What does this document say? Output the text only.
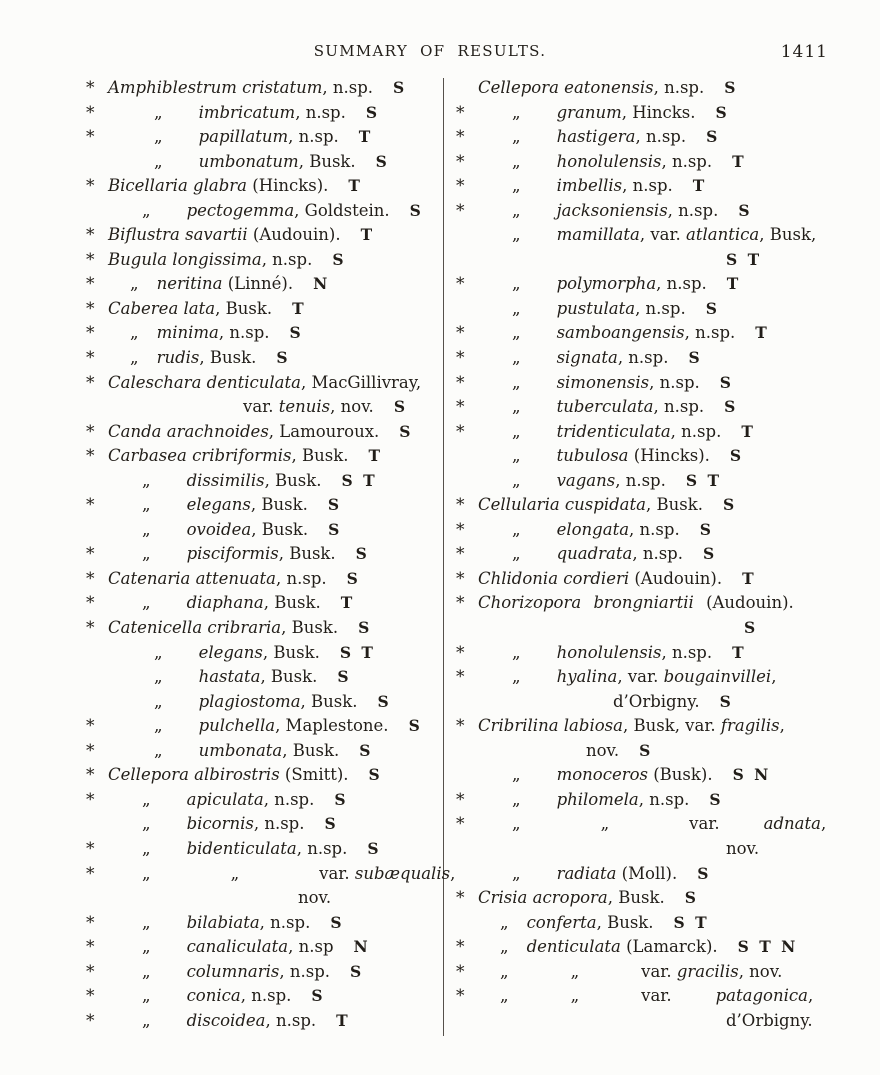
SUMMARY OF RESULTS.	1411
* Amphiblestrum cristatum, n.sp. S
*	„ imbricatum, n.sp. S
*	„ papillatum, n.sp. T
„ umbonatum, Busk. S
* Bicellaria glabra (Hincks). T
„ pectogemma, Goldstein. S
* Biflustra savartii (Audouin). T
* Bugula longissima, n.sp. S
*	„ neritina (Linné). N
* Caberea lata, Busk. T
*	„ minima, n.sp. S
*	„ rudis, Busk. S
* Caleschara denticulata, MacGillivray,
var. tenuis, nov. S
* Canda arachnoides, Lamouroux. S
* Carbasea cribriformis, Busk. T
„ dissimilis, Busk. S T
*	„ elegans, Busk. S
„ ovoidea, Busk. S
*	„ pisciformis, Busk. S
* Catenaria attenuata, n.sp. S
*	„ diaphana, Busk. T
* Catenicella cribraria, Busk. S
„ elegans, Busk. S T
„ hastata, Busk. S
„ plagiostoma, Busk. S
*	„ pulchella, Maplestone. S
*	„ umbonata, Busk. S
* Cellepora albirostris (Smitt). S
*	„ apiculata, n.sp. S
„ bicornis, n.sp. S
*	„ bidenticulata, n.sp. S
*	„	„	var. subæqualis,
nov.
*	„ bilabiata, n.sp. S
*	„ canaliculata, n.sp N
*	„ columnaris, n.sp. S
*	„ conica, n.sp. S
*	„ discoidea, n.sp. T
Cellepora eatonensis, n.sp. S
*	„ granum, Hincks. S
*	„ hastigera, n.sp. S
*	„ honolulensis, n.sp. T
*	„ imbellis, n.sp. T
*	„ jacksoniensis, n.sp. S
„ mamillata, var. atlantica, Busk,
S T
*	„ polymorpha, n.sp. T
„ pustulata, n.sp. S
*	„ samboangensis, n.sp. T
*	„ signata, n.sp. S
*	„ simonensis, n.sp. S
*	„ tuberculata, n.sp. S
*	„ tridenticulata, n.sp. T
„ tubulosa (Hincks). S
„ vagans, n.sp. S T
* Cellularia cuspidata, Busk. S
*	„ elongata, n.sp. S
*	„ quadrata, n.sp. S
* Chlidonia cordieri (Audouin). T
* Chorizopora brongniartii (Audouin).
S
*	„ honolulensis, n.sp. T
*	„ hyalina, var. bougainvillei,
d’Orbigny. S
* Cribrilina labiosa, Busk, var. fragilis,
nov. S
„ monoceros (Busk). S N
*	„ philomela, n.sp. S
*	„	„	var.	adnata,
nov.
„ radiata (Moll). S
* Crisia acropora, Busk. S
„ conferta, Busk. S T
*	„ denticulata (Lamarck). S T N
*	„	„	var. gracilis, nov.
*	„	„	var.	patagonica,
d’Orbigny.
